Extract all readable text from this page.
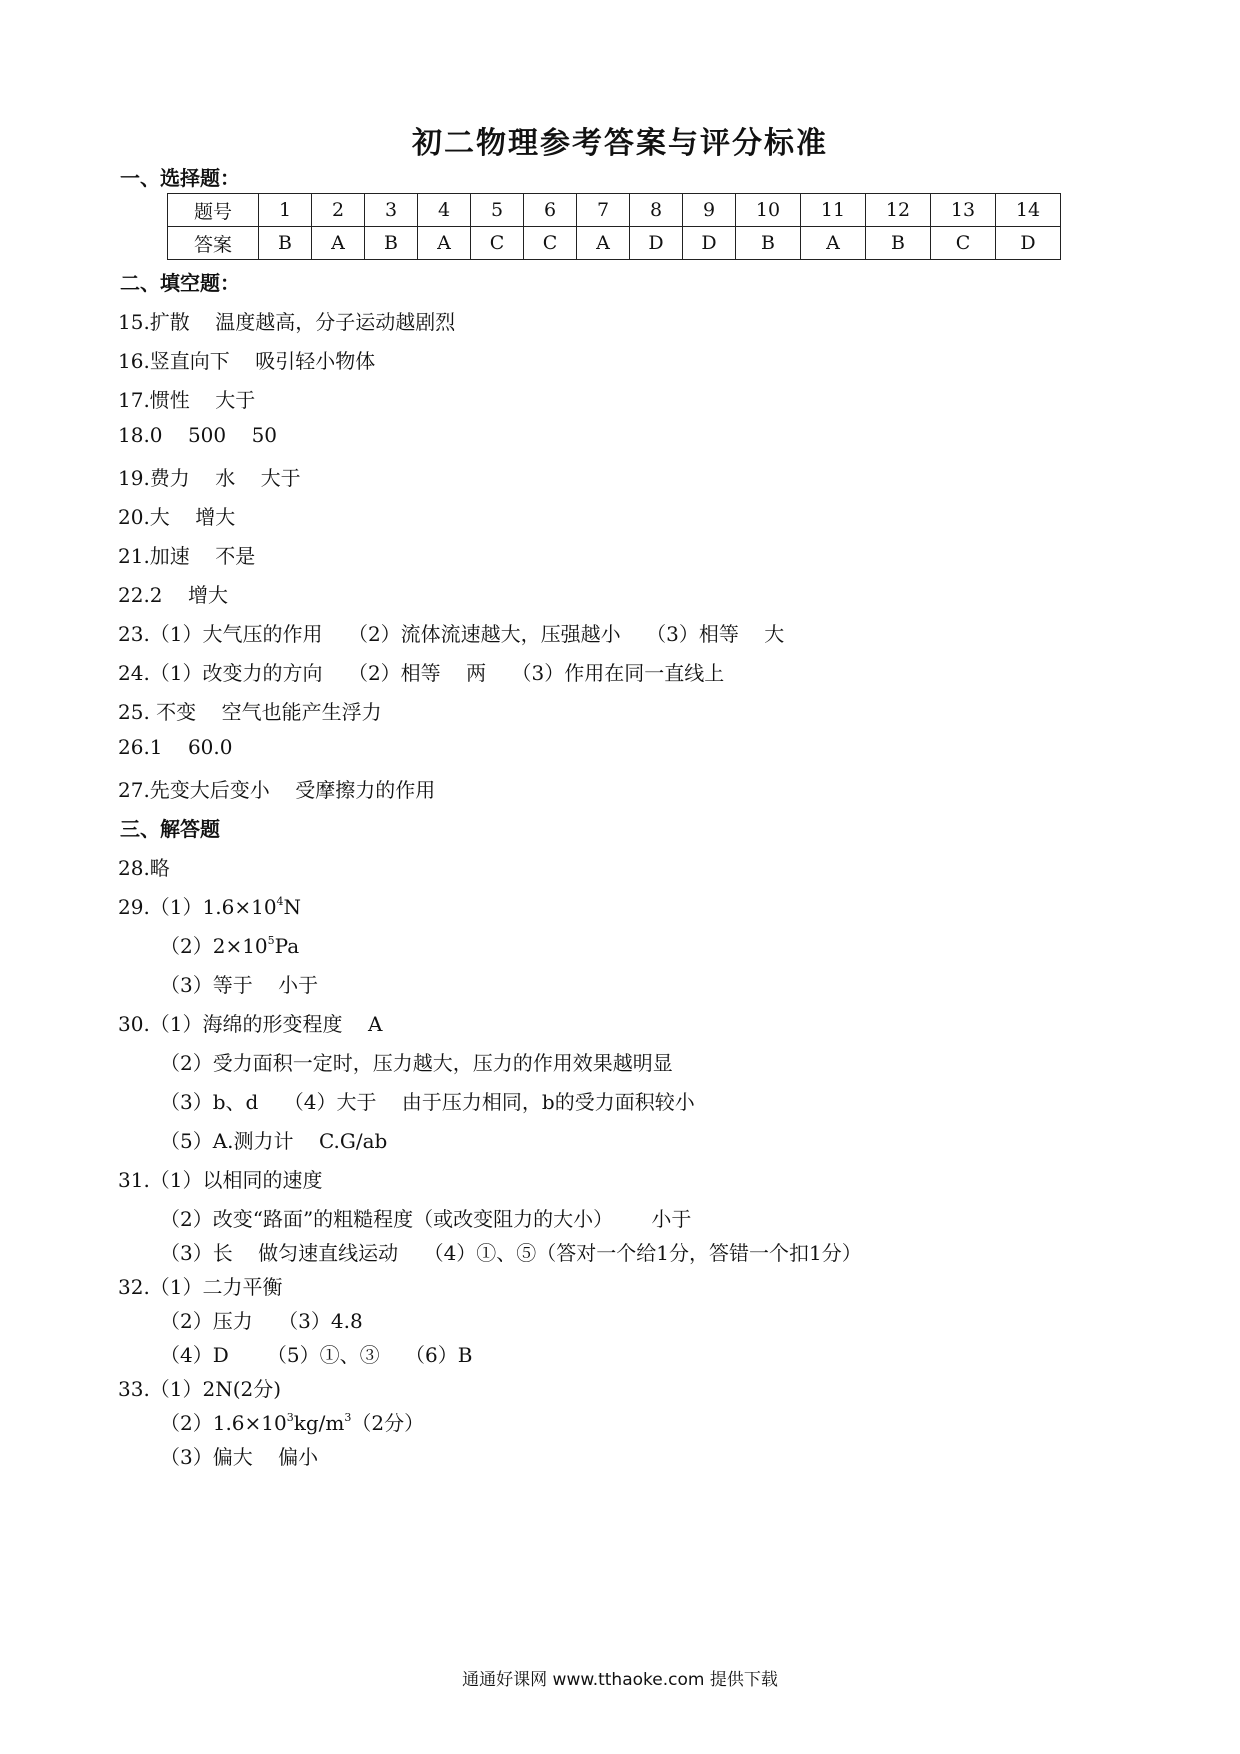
初二物理参考答案与评分标准
一、选择题：
题号	1	2	3	4	5	6	7	8	9	10	11	12	13	14
答案	B	A	B	A	C	C	A	D	D	B	A	B	C	D
二、填空题：
15.扩散    温度越高，分子运动越剧烈
16.竖直向下    吸引轻小物体
17.惯性    大于
18.0    500    50
19.费力    水    大于
20.大    增大
21.加速    不是
22.2    增大
23.（1）大气压的作用    （2）流体流速越大，压强越小    （3）相等    大
24.（1）改变力的方向    （2）相等    两    （3）作用在同一直线上
25. 不变    空气也能产生浮力
26.1    60.0
27.先变大后变小    受摩擦力的作用
三、解答题
28.略
$29.(1)1.6\times 10^4N$
$(2)2\times 10^5Pa$
（3）等于    小于
30.（1）海绵的形变程度    A
（2）受力面积一定时，压力越大，压力的作用效果越明显
（3）b、d    （4）大于    由于压力相同，b的受力面积较小
（5）A.测力计    C.G/ab
31.（1）以相同的速度
（2）改变“路面”的粗糙程度（或改变阻力的大小）      小于
（3）长    做匀速直线运动    （4）①、⑤（答对一个给1分，答错一个扣1分）
32.（1）二力平衡
（2）压力    （3）4.8
（4）D      （5）①、③    （6）B
33.（1）2N(2分)
$(2)1.6\times 10^3kg/m^3(2$分）
（3）偏大    偏小
通通好课网 www.tthaoke.com 提供下载
